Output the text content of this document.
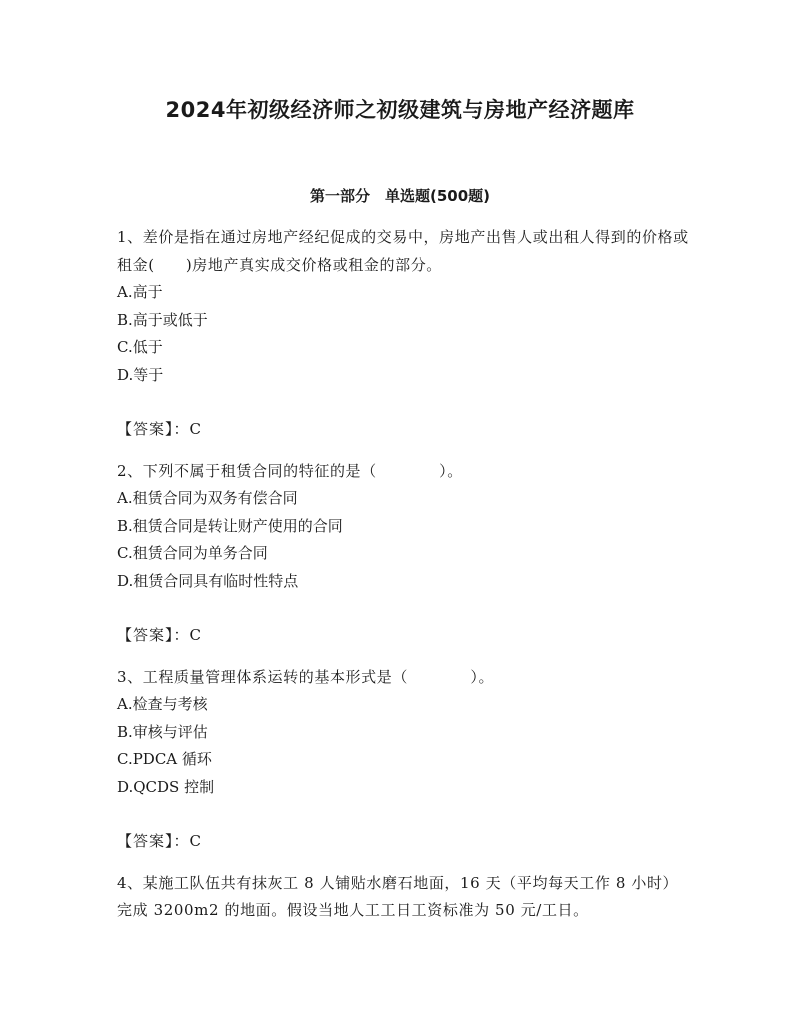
2024年初级经济师之初级建筑与房地产经济题库
第一部分　单选题(500题)

1、差价是指在通过房地产经纪促成的交易中，房地产出售人或出租人得到的价格或租金(　　)房地产真实成交价格或租金的部分。

A.高于

B.高于或低于

C.低于

D.等于

【答案】：C

2、下列不属于租赁合同的特征的是（　　　　）。

A.租赁合同为双务有偿合同

B.租赁合同是转让财产使用的合同

C.租赁合同为单务合同

D.租赁合同具有临时性特点

【答案】：C

3、工程质量管理体系运转的基本形式是（　　　　）。

A.检查与考核

B.审核与评估

C.PDCA 循环

D.QCDS 控制

【答案】：C

4、某施工队伍共有抹灰工 8 人铺贴水磨石地面，16 天（平均每天工作 8 小时）完成 3200m2 的地面。假设当地人工工日工资标准为 50 元/工日。
